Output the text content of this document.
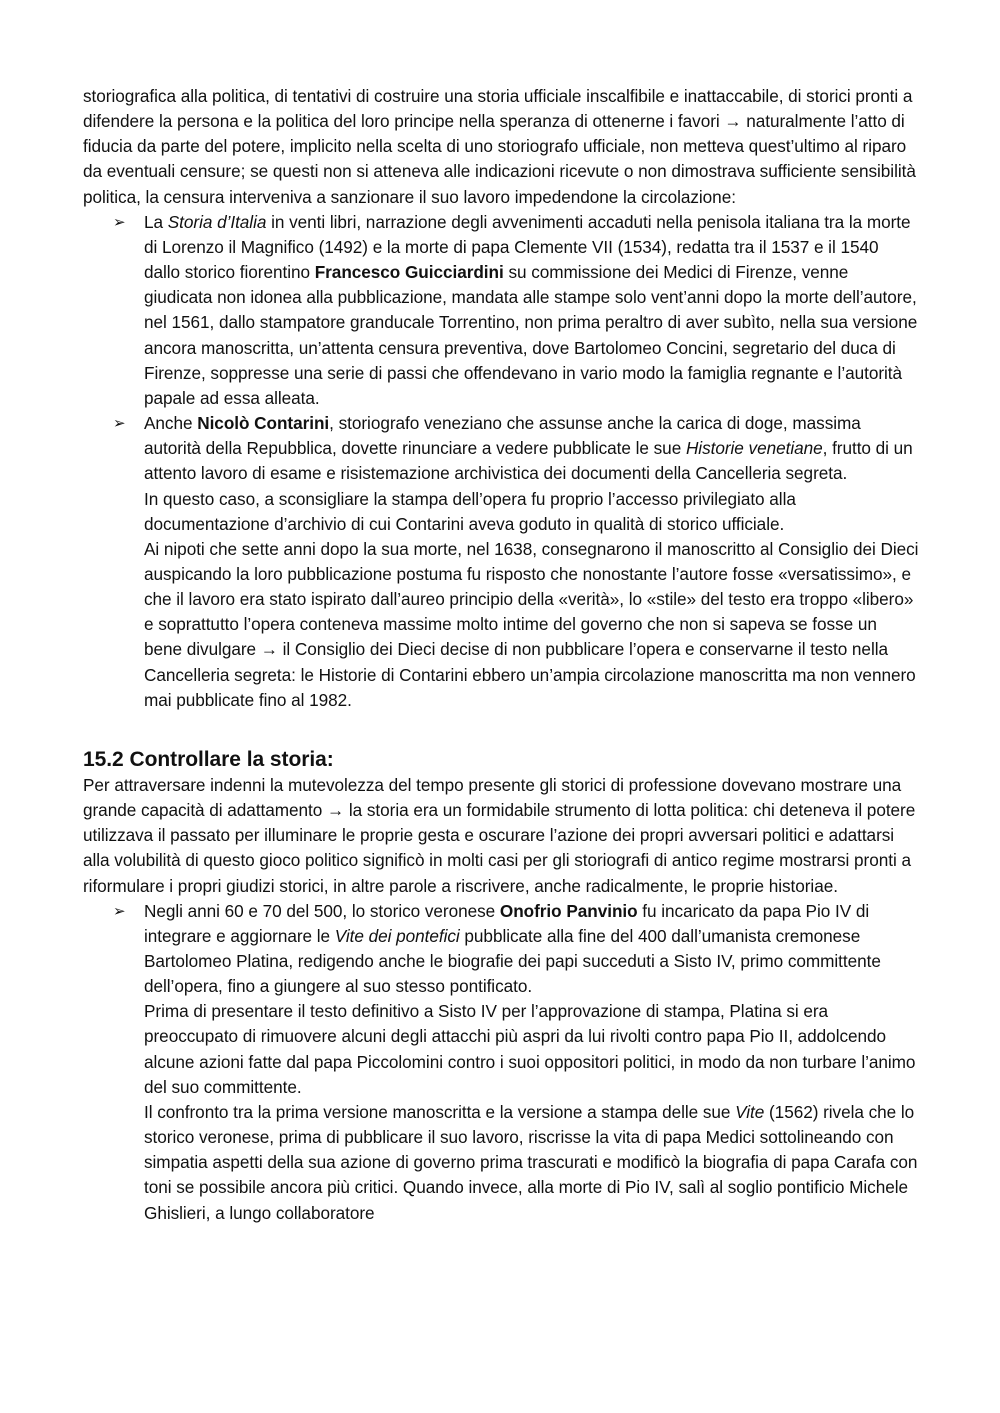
storiografica alla politica, di tentativi di costruire una storia ufficiale inscalfibile e inattaccabile, di storici pronti a difendere la persona e la politica del loro principe nella speranza di ottenerne i favori → naturalmente l’atto di fiducia da parte del potere, implicito nella scelta di uno storiografo ufficiale, non metteva quest’ultimo al riparo da eventuali censure; se questi non si atteneva alle indicazioni ricevute o non dimostrava sufficiente sensibilità politica, la censura interveniva a sanzionare il suo lavoro impedendone la circolazione:

➢ La Storia d’Italia in venti libri, narrazione degli avvenimenti accaduti nella penisola italiana tra la morte di Lorenzo il Magnifico (1492) e la morte di papa Clemente VII (1534), redatta tra il 1537 e il 1540 dallo storico fiorentino Francesco Guicciardini su commissione dei Medici di Firenze, venne giudicata non idonea alla pubblicazione, mandata alle stampe solo vent’anni dopo la morte dell’autore, nel 1561, dallo stampatore granducale Torrentino, non prima peraltro di aver subìto, nella sua versione ancora manoscritta, un’attenta censura preventiva, dove Bartolomeo Concini, segretario del duca di Firenze, soppresse una serie di passi che offendevano in vario modo la famiglia regnante e l’autorità papale ad essa alleata.
➢ Anche Nicolò Contarini, storiografo veneziano che assunse anche la carica di doge, massima autorità della Repubblica, dovette rinunciare a vedere pubblicate le sue Historie venetiane, frutto di un attento lavoro di esame e risistemazione archivistica dei documenti della Cancelleria segreta.
In questo caso, a sconsigliare la stampa dell’opera fu proprio l’accesso privilegiato alla documentazione d’archivio di cui Contarini aveva goduto in qualità di storico ufficiale.
Ai nipoti che sette anni dopo la sua morte, nel 1638, consegnarono il manoscritto al Consiglio dei Dieci auspicando la loro pubblicazione postuma fu risposto che nonostante l’autore fosse «versatissimo», e che il lavoro era stato ispirato dall’aureo principio della «verità», lo «stile» del testo era troppo «libero» e soprattutto l’opera conteneva massime molto intime del governo che non si sapeva se fosse un bene divulgare → il Consiglio dei Dieci decise di non pubblicare l’opera e conservarne il testo nella Cancelleria segreta: le Historie di Contarini ebbero un’ampia circolazione manoscritta ma non vennero mai pubblicate fino al 1982.
15.2 Controllare la storia:

Per attraversare indenni la mutevolezza del tempo presente gli storici di professione dovevano mostrare una grande capacità di adattamento → la storia era un formidabile strumento di lotta politica: chi deteneva il potere utilizzava il passato per illuminare le proprie gesta e oscurare l’azione dei propri avversari politici e adattarsi alla volubilità di questo gioco politico significò in molti casi per gli storiografi di antico regime mostrarsi pronti a riformulare i propri giudizi storici, in altre parole a riscrivere, anche radicalmente, le proprie historiae.

➢ Negli anni 60 e 70 del 500, lo storico veronese Onofrio Panvinio fu incaricato da papa Pio IV di integrare e aggiornare le Vite dei pontefici pubblicate alla fine del 400 dall’umanista cremonese Bartolomeo Platina, redigendo anche le biografie dei papi succeduti a Sisto IV, primo committente dell’opera, fino a giungere al suo stesso pontificato.
Prima di presentare il testo definitivo a Sisto IV per l’approvazione di stampa, Platina si era preoccupato di rimuovere alcuni degli attacchi più aspri da lui rivolti contro papa Pio II, addolcendo alcune azioni fatte dal papa Piccolomini contro i suoi oppositori politici, in modo da non turbare l’animo del suo committente.
Il confronto tra la prima versione manoscritta e la versione a stampa delle sue Vite (1562) rivela che lo storico veronese, prima di pubblicare il suo lavoro, riscrisse la vita di papa Medici sottolineando con simpatia aspetti della sua azione di governo prima trascurati e modificò la biografia di papa Carafa con toni se possibile ancora più critici. Quando invece, alla morte di Pio IV, salì al soglio pontificio Michele Ghislieri, a lungo collaboratore
